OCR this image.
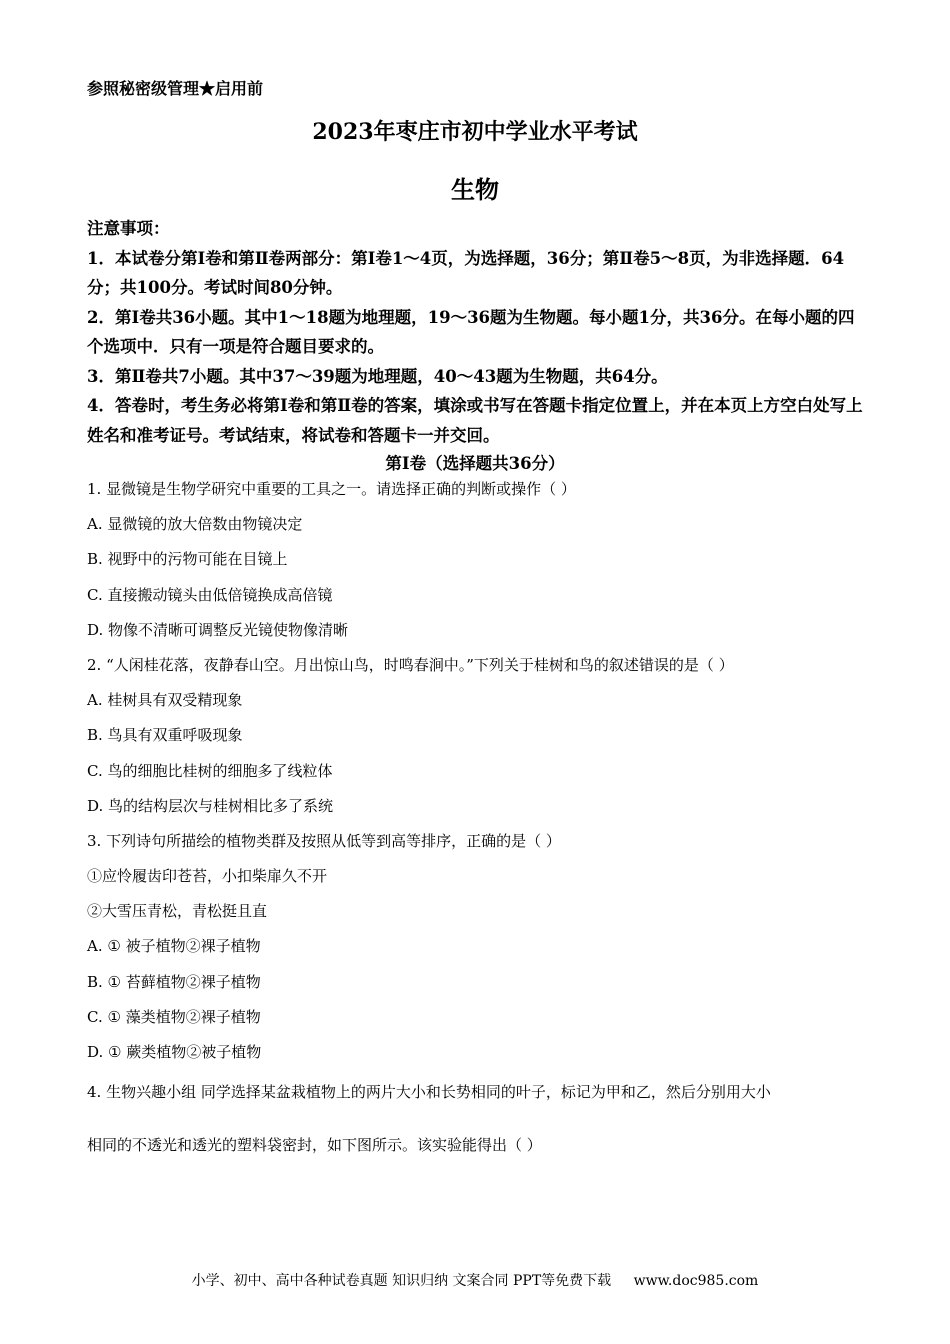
参照秘密级管理★启用前
2023年枣庄市初中学业水平考试
生物

注意事项：

1．本试卷分第Ⅰ卷和第Ⅱ卷两部分：第Ⅰ卷1～4页，为选择题，36分；第Ⅱ卷5～8页，为非选择题．64分；共100分。考试时间80分钟。

2．第Ⅰ卷共36小题。其中1～18题为地理题，19～36题为生物题。每小题1分，共36分。在每小题的四个选项中．只有一项是符合题目要求的。

3．第Ⅱ卷共7小题。其中37～39题为地理题，40～43题为生物题，共64分。

4．答卷时，考生务必将第Ⅰ卷和第Ⅱ卷的答案，填涂或书写在答题卡指定位置上，并在本页上方空白处写上姓名和准考证号。考试结束，将试卷和答题卡一并交回。

第Ⅰ卷（选择题共36分）
1. 显微镜是生物学研究中重要的工具之一。请选择正确的判断或操作（ ）
A. 显微镜的放大倍数由物镜决定
B. 视野中的污物可能在目镜上
C. 直接搬动镜头由低倍镜换成高倍镜
D. 物像不清晰可调整反光镜使物像清晰
2. “人闲桂花落，夜静春山空。月出惊山鸟，时鸣春涧中。”下列关于桂树和鸟的叙述错误的是（ ）
A. 桂树具有双受精现象
B. 鸟具有双重呼吸现象
C. 鸟的细胞比桂树的细胞多了线粒体
D. 鸟的结构层次与桂树相比多了系统
3. 下列诗句所描绘的植物类群及按照从低等到高等排序，正确的是（ ）
①应怜履齿印苍苔，小扣柴扉久不开
②大雪压青松，青松挺且直
A. ① 被子植物②裸子植物
B. ① 苔藓植物②裸子植物
C. ① 藻类植物②裸子植物
D. ① 蕨类植物②被子植物
4. 生物兴趣小组 同学选择某盆栽植物上的两片大小和长势相同的叶子，标记为甲和乙，然后分别用大小
相同的不透光和透光的塑料袋密封，如下图所示。该实验能得出（ ）
小学、初中、高中各种试卷真题 知识归纳 文案合同 PPT等免费下载 www.doc985.com
